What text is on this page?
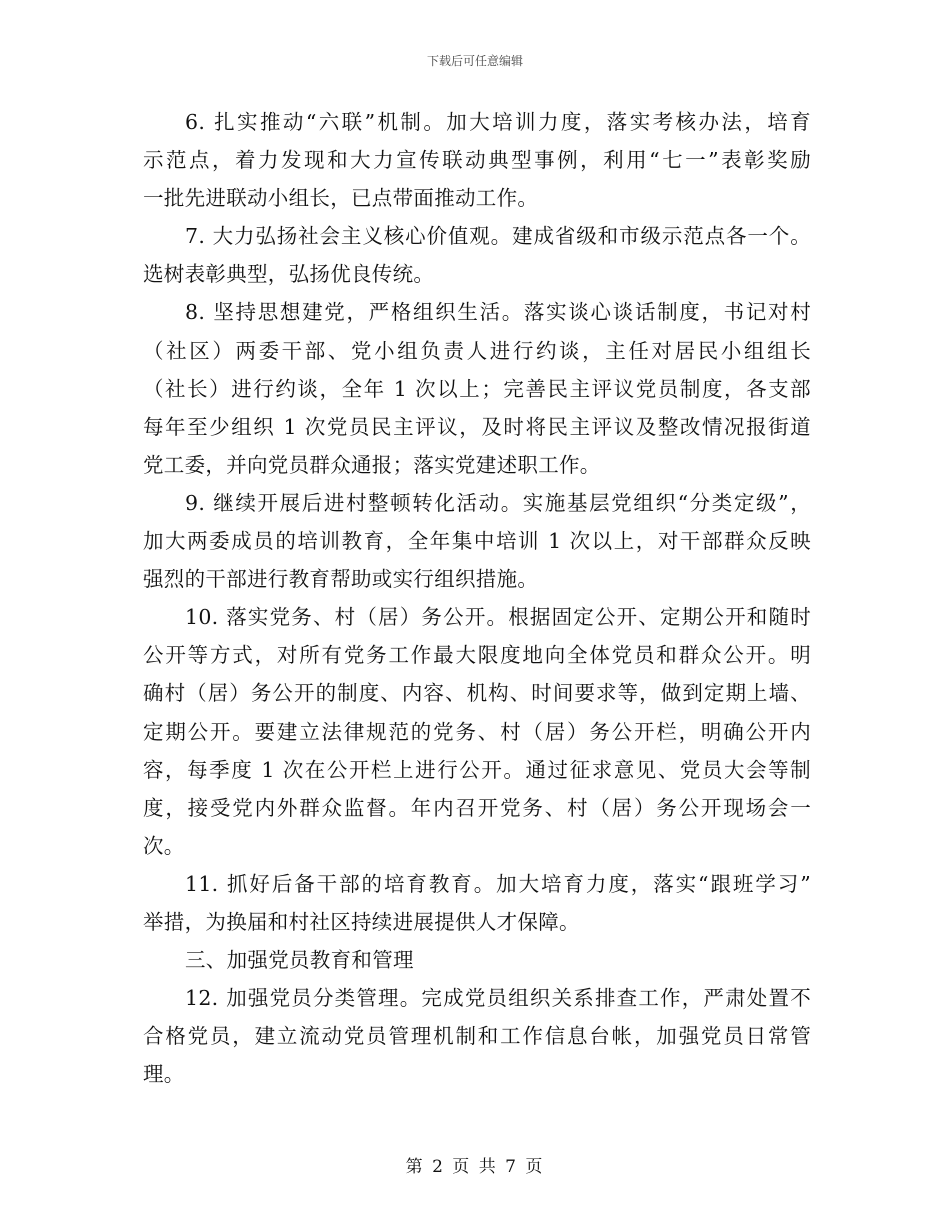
下载后可任意编辑
6. 扎实推动“六联”机制。加大培训力度，落实考核办法，培育
示范点，着力发现和大力宣传联动典型事例，利用“七一”表彰奖励
一批先进联动小组长，已点带面推动工作。
7. 大力弘扬社会主义核心价值观。建成省级和市级示范点各一个。
选树表彰典型，弘扬优良传统。
8. 坚持思想建党，严格组织生活。落实谈心谈话制度，书记对村
（社区）两委干部、党小组负责人进行约谈，主任对居民小组组长
（社长）进行约谈，全年 1 次以上；完善民主评议党员制度，各支部
每年至少组织 1 次党员民主评议，及时将民主评议及整改情况报街道
党工委，并向党员群众通报；落实党建述职工作。
9. 继续开展后进村整顿转化活动。实施基层党组织“分类定级”，
加大两委成员的培训教育，全年集中培训 1 次以上，对干部群众反映
强烈的干部进行教育帮助或实行组织措施。
10. 落实党务、村（居）务公开。根据固定公开、定期公开和随时
公开等方式，对所有党务工作最大限度地向全体党员和群众公开。明
确村（居）务公开的制度、内容、机构、时间要求等，做到定期上墙、
定期公开。要建立法律规范的党务、村（居）务公开栏，明确公开内
容，每季度 1 次在公开栏上进行公开。通过征求意见、党员大会等制
度，接受党内外群众监督。年内召开党务、村（居）务公开现场会一
次。
11. 抓好后备干部的培育教育。加大培育力度，落实“跟班学习”
举措，为换届和村社区持续进展提供人才保障。
三、加强党员教育和管理
12. 加强党员分类管理。完成党员组织关系排查工作，严肃处置不
合格党员，建立流动党员管理机制和工作信息台帐，加强党员日常管
理。
第 2 页 共 7 页
